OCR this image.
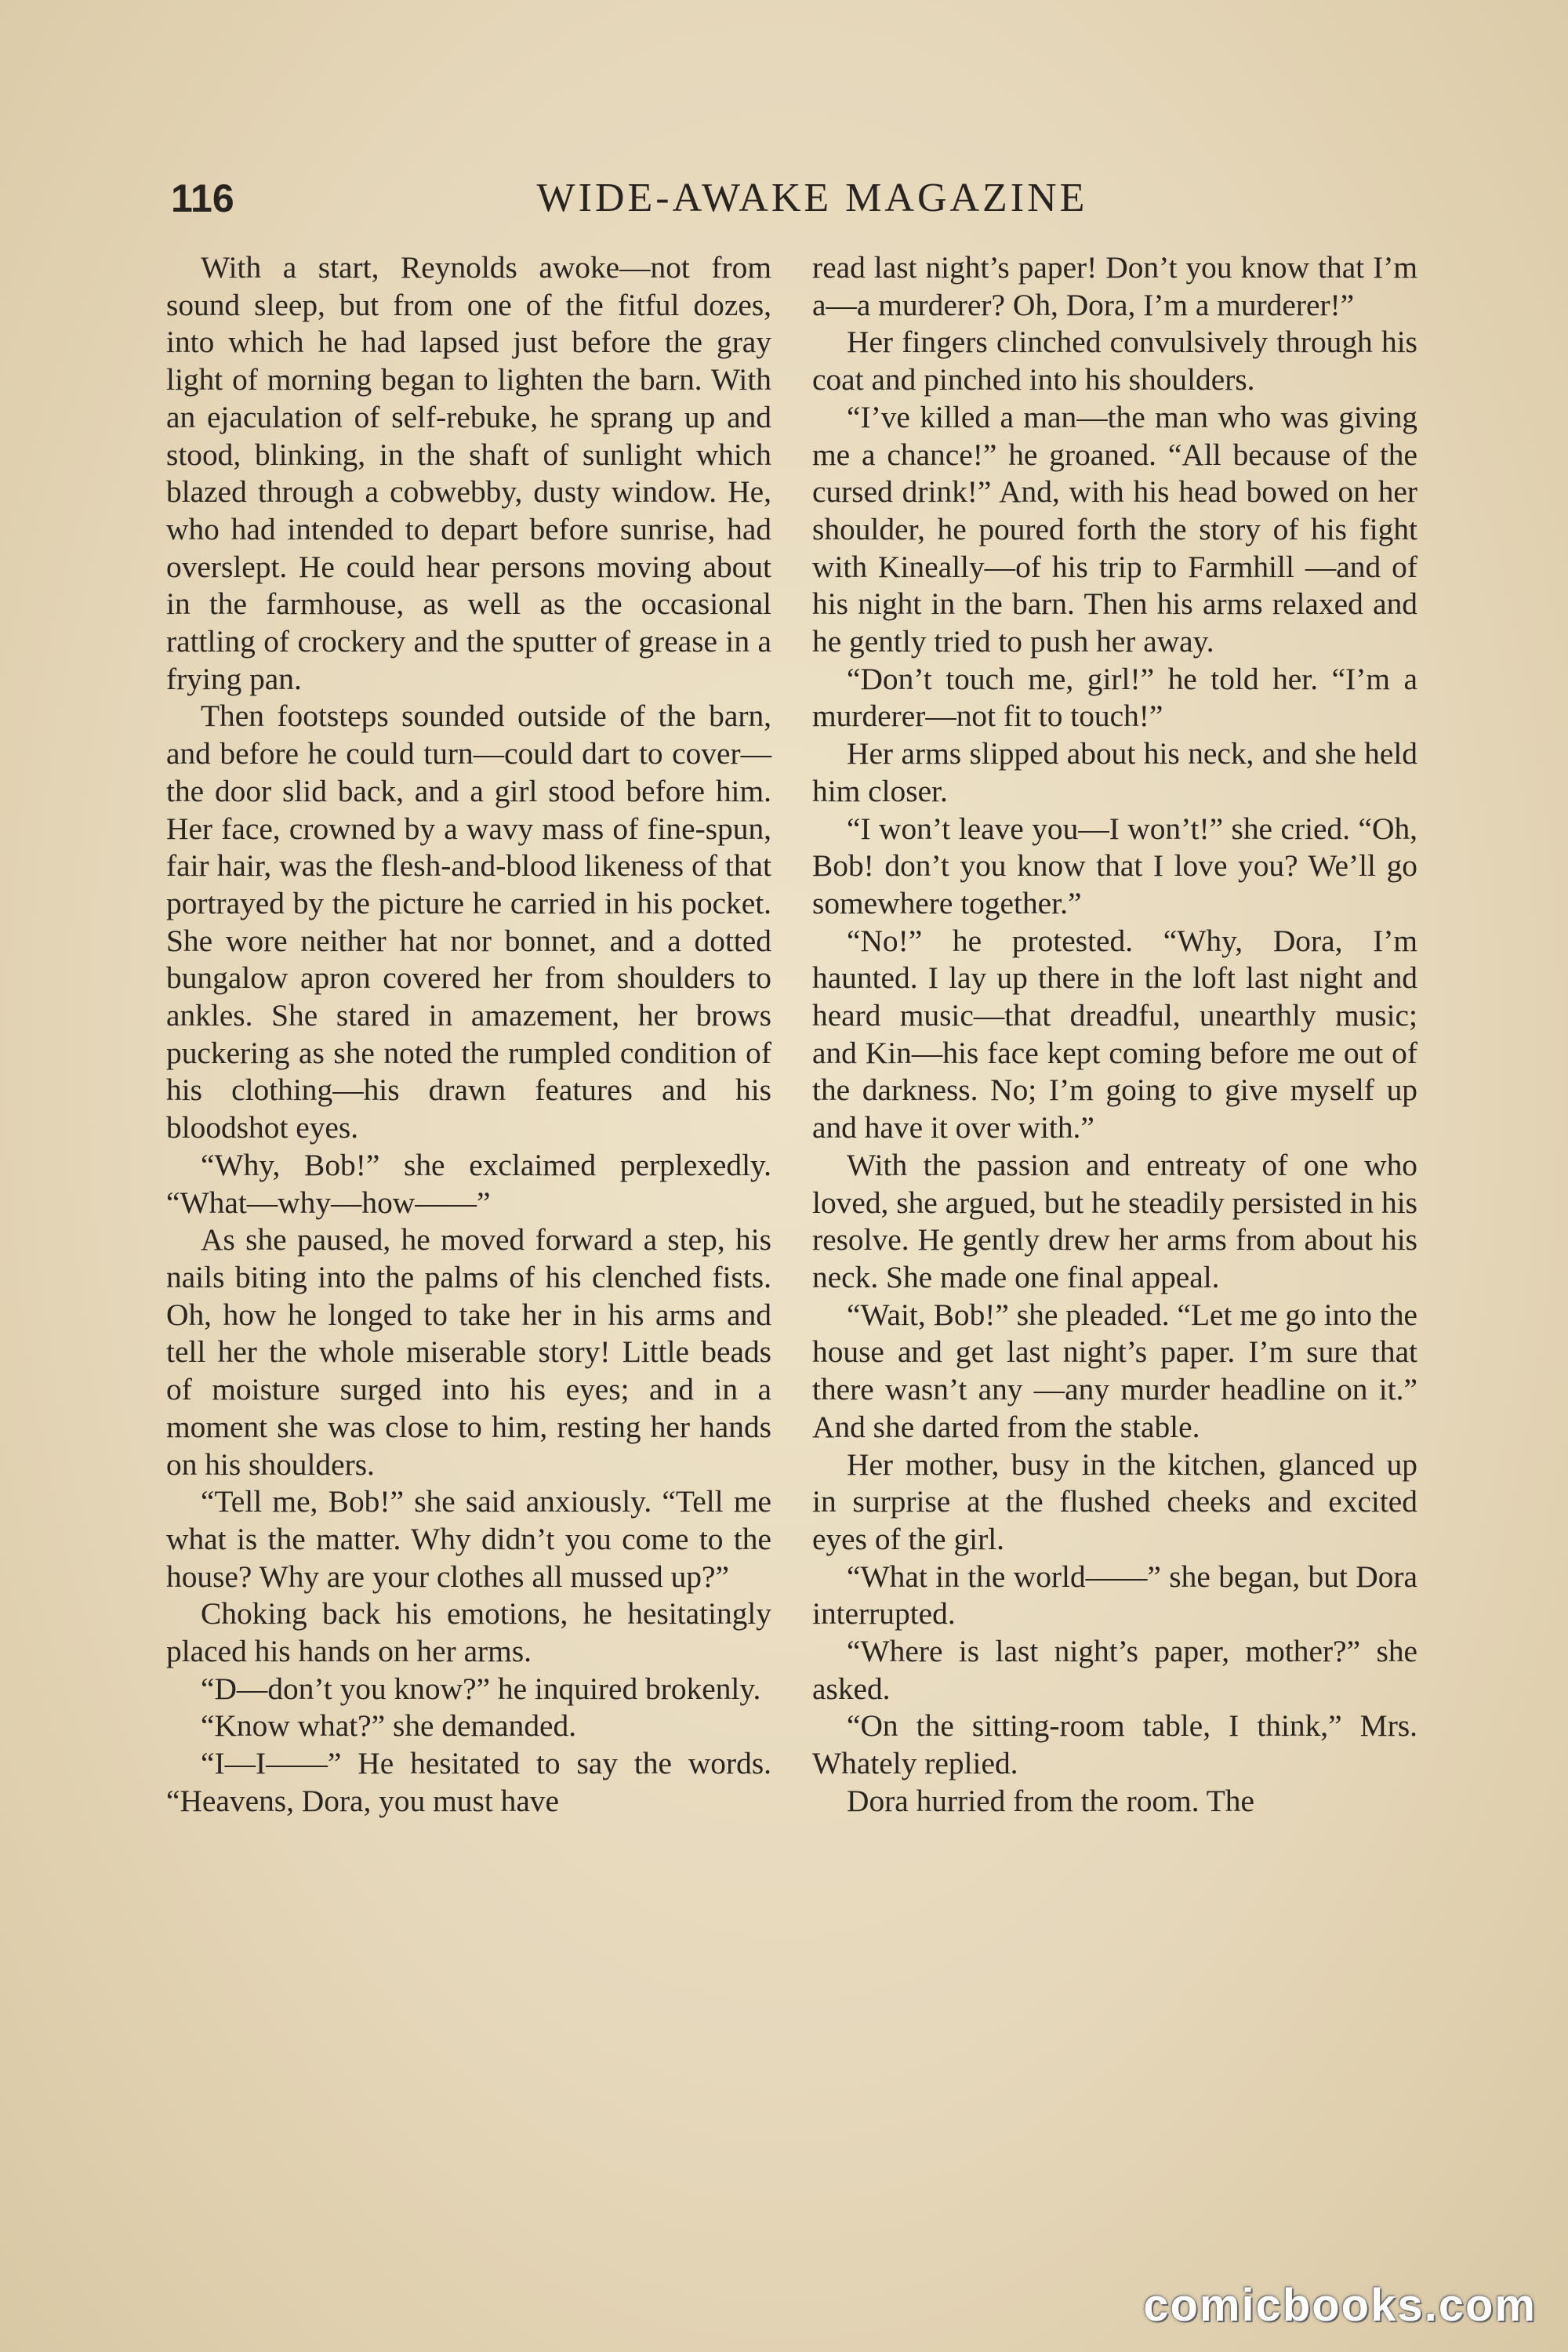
116	WIDE-AWAKE MAGAZINE

With a start, Reynolds awoke—not from sound sleep, but from one of the fitful dozes, into which he had lapsed just before the gray light of morning began to lighten the barn. With an ejaculation of self-rebuke, he sprang up and stood, blinking, in the shaft of sunlight which blazed through a cobwebby, dusty window. He, who had intended to depart before sunrise, had overslept. He could hear persons moving about in the farmhouse, as well as the occasional rattling of crockery and the sputter of grease in a frying pan.

Then footsteps sounded outside of the barn, and before he could turn—could dart to cover—the door slid back, and a girl stood before him. Her face, crowned by a wavy mass of fine-spun, fair hair, was the flesh-and-blood likeness of that portrayed by the picture he carried in his pocket. She wore neither hat nor bonnet, and a dotted bungalow apron covered her from shoulders to ankles. She stared in amazement, her brows puckering as she noted the rumpled condition of his clothing—his drawn features and his bloodshot eyes.

“Why, Bob!” she exclaimed perplexedly. “What—why—how——”

As she paused, he moved forward a step, his nails biting into the palms of his clenched fists. Oh, how he longed to take her in his arms and tell her the whole miserable story! Little beads of moisture surged into his eyes; and in a moment she was close to him, resting her hands on his shoulders.

“Tell me, Bob!” she said anxiously. “Tell me what is the matter. Why didn’t you come to the house? Why are your clothes all mussed up?”

Choking back his emotions, he hesitatingly placed his hands on her arms.

“D—don’t you know?” he inquired brokenly.

“Know what?” she demanded.

“I—I——” He hesitated to say the words. “Heavens, Dora, you must have

read last night’s paper! Don’t you know that I’m a—a murderer? Oh, Dora, I’m a murderer!”

Her fingers clinched convulsively through his coat and pinched into his shoulders.

“I’ve killed a man—the man who was giving me a chance!” he groaned. “All because of the cursed drink!” And, with his head bowed on her shoulder, he poured forth the story of his fight with Kineally—of his trip to Farmhill —and of his night in the barn. Then his arms relaxed and he gently tried to push her away.

“Don’t touch me, girl!” he told her. “I’m a murderer—not fit to touch!”

Her arms slipped about his neck, and she held him closer.

“I won’t leave you—I won’t!” she cried. “Oh, Bob! don’t you know that I love you? We’ll go somewhere together.”

“No!” he protested. “Why, Dora, I’m haunted. I lay up there in the loft last night and heard music—that dreadful, unearthly music; and Kin—his face kept coming before me out of the darkness. No; I’m going to give myself up and have it over with.”

With the passion and entreaty of one who loved, she argued, but he steadily persisted in his resolve. He gently drew her arms from about his neck. She made one final appeal.

“Wait, Bob!” she pleaded. “Let me go into the house and get last night’s paper. I’m sure that there wasn’t any —any murder headline on it.” And she darted from the stable.

Her mother, busy in the kitchen, glanced up in surprise at the flushed cheeks and excited eyes of the girl.

“What in the world——” she began, but Dora interrupted.

“Where is last night’s paper, mother?” she asked.

“On the sitting-room table, I think,” Mrs. Whately replied.

Dora hurried from the room. The

comicbooks.com
